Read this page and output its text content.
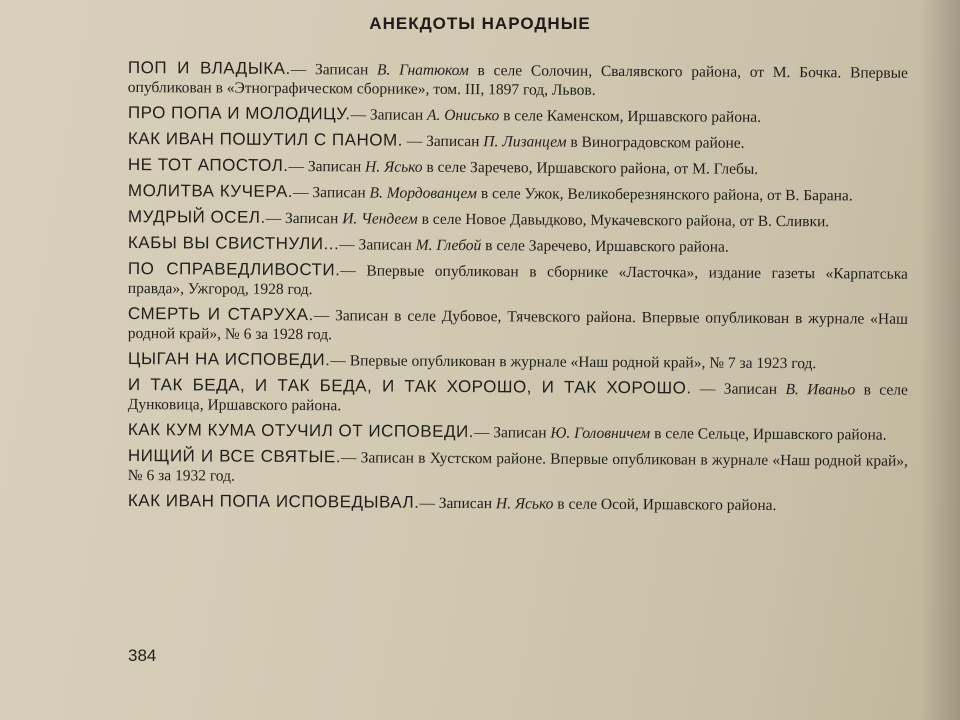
АНЕКДОТЫ НАРОДНЫЕ
ПОП И ВЛАДЫКА.— Записан В. Гнатюком в селе Солочин, Свалявского района, от М. Бочка. Впервые опубликован в «Этнографическом сборнике», том. III, 1897 год, Львов.
ПРО ПОПА И МОЛОДИЦУ.— Записан А. Онисько в селе Каменском, Иршавского района.
КАК ИВАН ПОШУТИЛ С ПАНОМ. — Записан П. Лизанцем в Виноградовском районе.
НЕ ТОТ АПОСТОЛ.— Записан Н. Ясько в селе Заречево, Иршавского района, от М. Глебы.
МОЛИТВА КУЧЕРА.— Записан В. Мордованцем в селе Ужок, Великоберезнянского района, от В. Барана.
МУДРЫЙ ОСЕЛ.— Записан И. Чендеем в селе Новое Давыдково, Мукачевского района, от В. Сливки.
КАБЫ ВЫ СВИСТНУЛИ...— Записан М. Глебой в селе Заречево, Иршавского района.
ПО СПРАВЕДЛИВОСТИ.— Впервые опубликован в сборнике «Ласточка», издание газеты «Карпатська правда», Ужгород, 1928 год.
СМЕРТЬ И СТАРУХА.— Записан в селе Дубовое, Тячевского района. Впервые опубликован в журнале «Наш родной край», № 6 за 1928 год.
ЦЫГАН НА ИСПОВЕДИ.— Впервые опубликован в журнале «Наш родной край», № 7 за 1923 год.
И ТАК БЕДА, И ТАК БЕДА, И ТАК ХОРОШО, И ТАК ХОРОШО. — Записан В. Иваньо в селе Дунковица, Иршавского района.
КАК КУМ КУМА ОТУЧИЛ ОТ ИСПОВЕДИ.— Записан Ю. Головничем в селе Сельце, Иршавского района.
НИЩИЙ И ВСЕ СВЯТЫЕ.— Записан в Хустском районе. Впервые опубликован в журнале «Наш родной край», № 6 за 1932 год.
КАК ИВАН ПОПА ИСПОВЕДЫВАЛ.— Записан Н. Ясько в селе Осой, Иршавского района.
384
